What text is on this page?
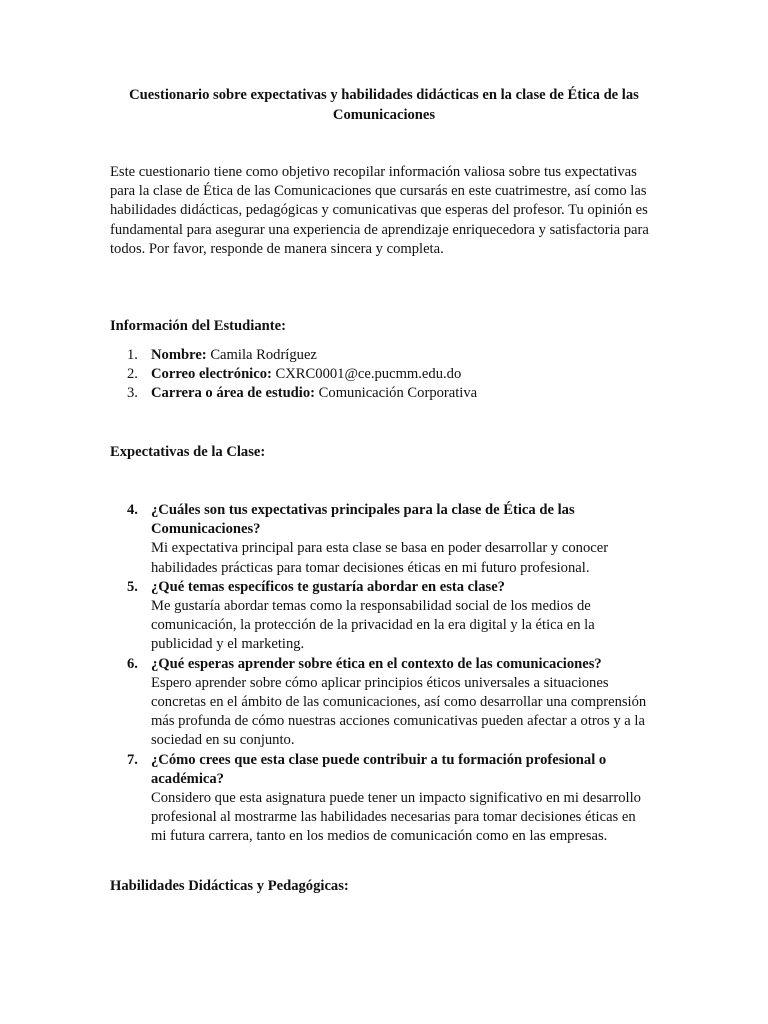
Cuestionario sobre expectativas y habilidades didácticas en la clase de Ética de las Comunicaciones

Este cuestionario tiene como objetivo recopilar información valiosa sobre tus expectativas para la clase de Ética de las Comunicaciones que cursarás en este cuatrimestre, así como las habilidades didácticas, pedagógicas y comunicativas que esperas del profesor. Tu opinión es fundamental para asegurar una experiencia de aprendizaje enriquecedora y satisfactoria para todos. Por favor, responde de manera sincera y completa.

Información del Estudiante:

1. Nombre: Camila Rodríguez
2. Correo electrónico: CXRC0001@ce.pucmm.edu.do
3. Carrera o área de estudio: Comunicación Corporativa

Expectativas de la Clase:

4. ¿Cuáles son tus expectativas principales para la clase de Ética de las Comunicaciones?
Mi expectativa principal para esta clase se basa en poder desarrollar y conocer habilidades prácticas para tomar decisiones éticas en mi futuro profesional.
5. ¿Qué temas específicos te gustaría abordar en esta clase?
Me gustaría abordar temas como la responsabilidad social de los medios de comunicación, la protección de la privacidad en la era digital y la ética en la publicidad y el marketing.
6. ¿Qué esperas aprender sobre ética en el contexto de las comunicaciones?
Espero aprender sobre cómo aplicar principios éticos universales a situaciones concretas en el ámbito de las comunicaciones, así como desarrollar una comprensión más profunda de cómo nuestras acciones comunicativas pueden afectar a otros y a la sociedad en su conjunto.
7. ¿Cómo crees que esta clase puede contribuir a tu formación profesional o académica?
Considero que esta asignatura puede tener un impacto significativo en mi desarrollo profesional al mostrarme las habilidades necesarias para tomar decisiones éticas en mi futura carrera, tanto en los medios de comunicación como en las empresas.

Habilidades Didácticas y Pedagógicas:
